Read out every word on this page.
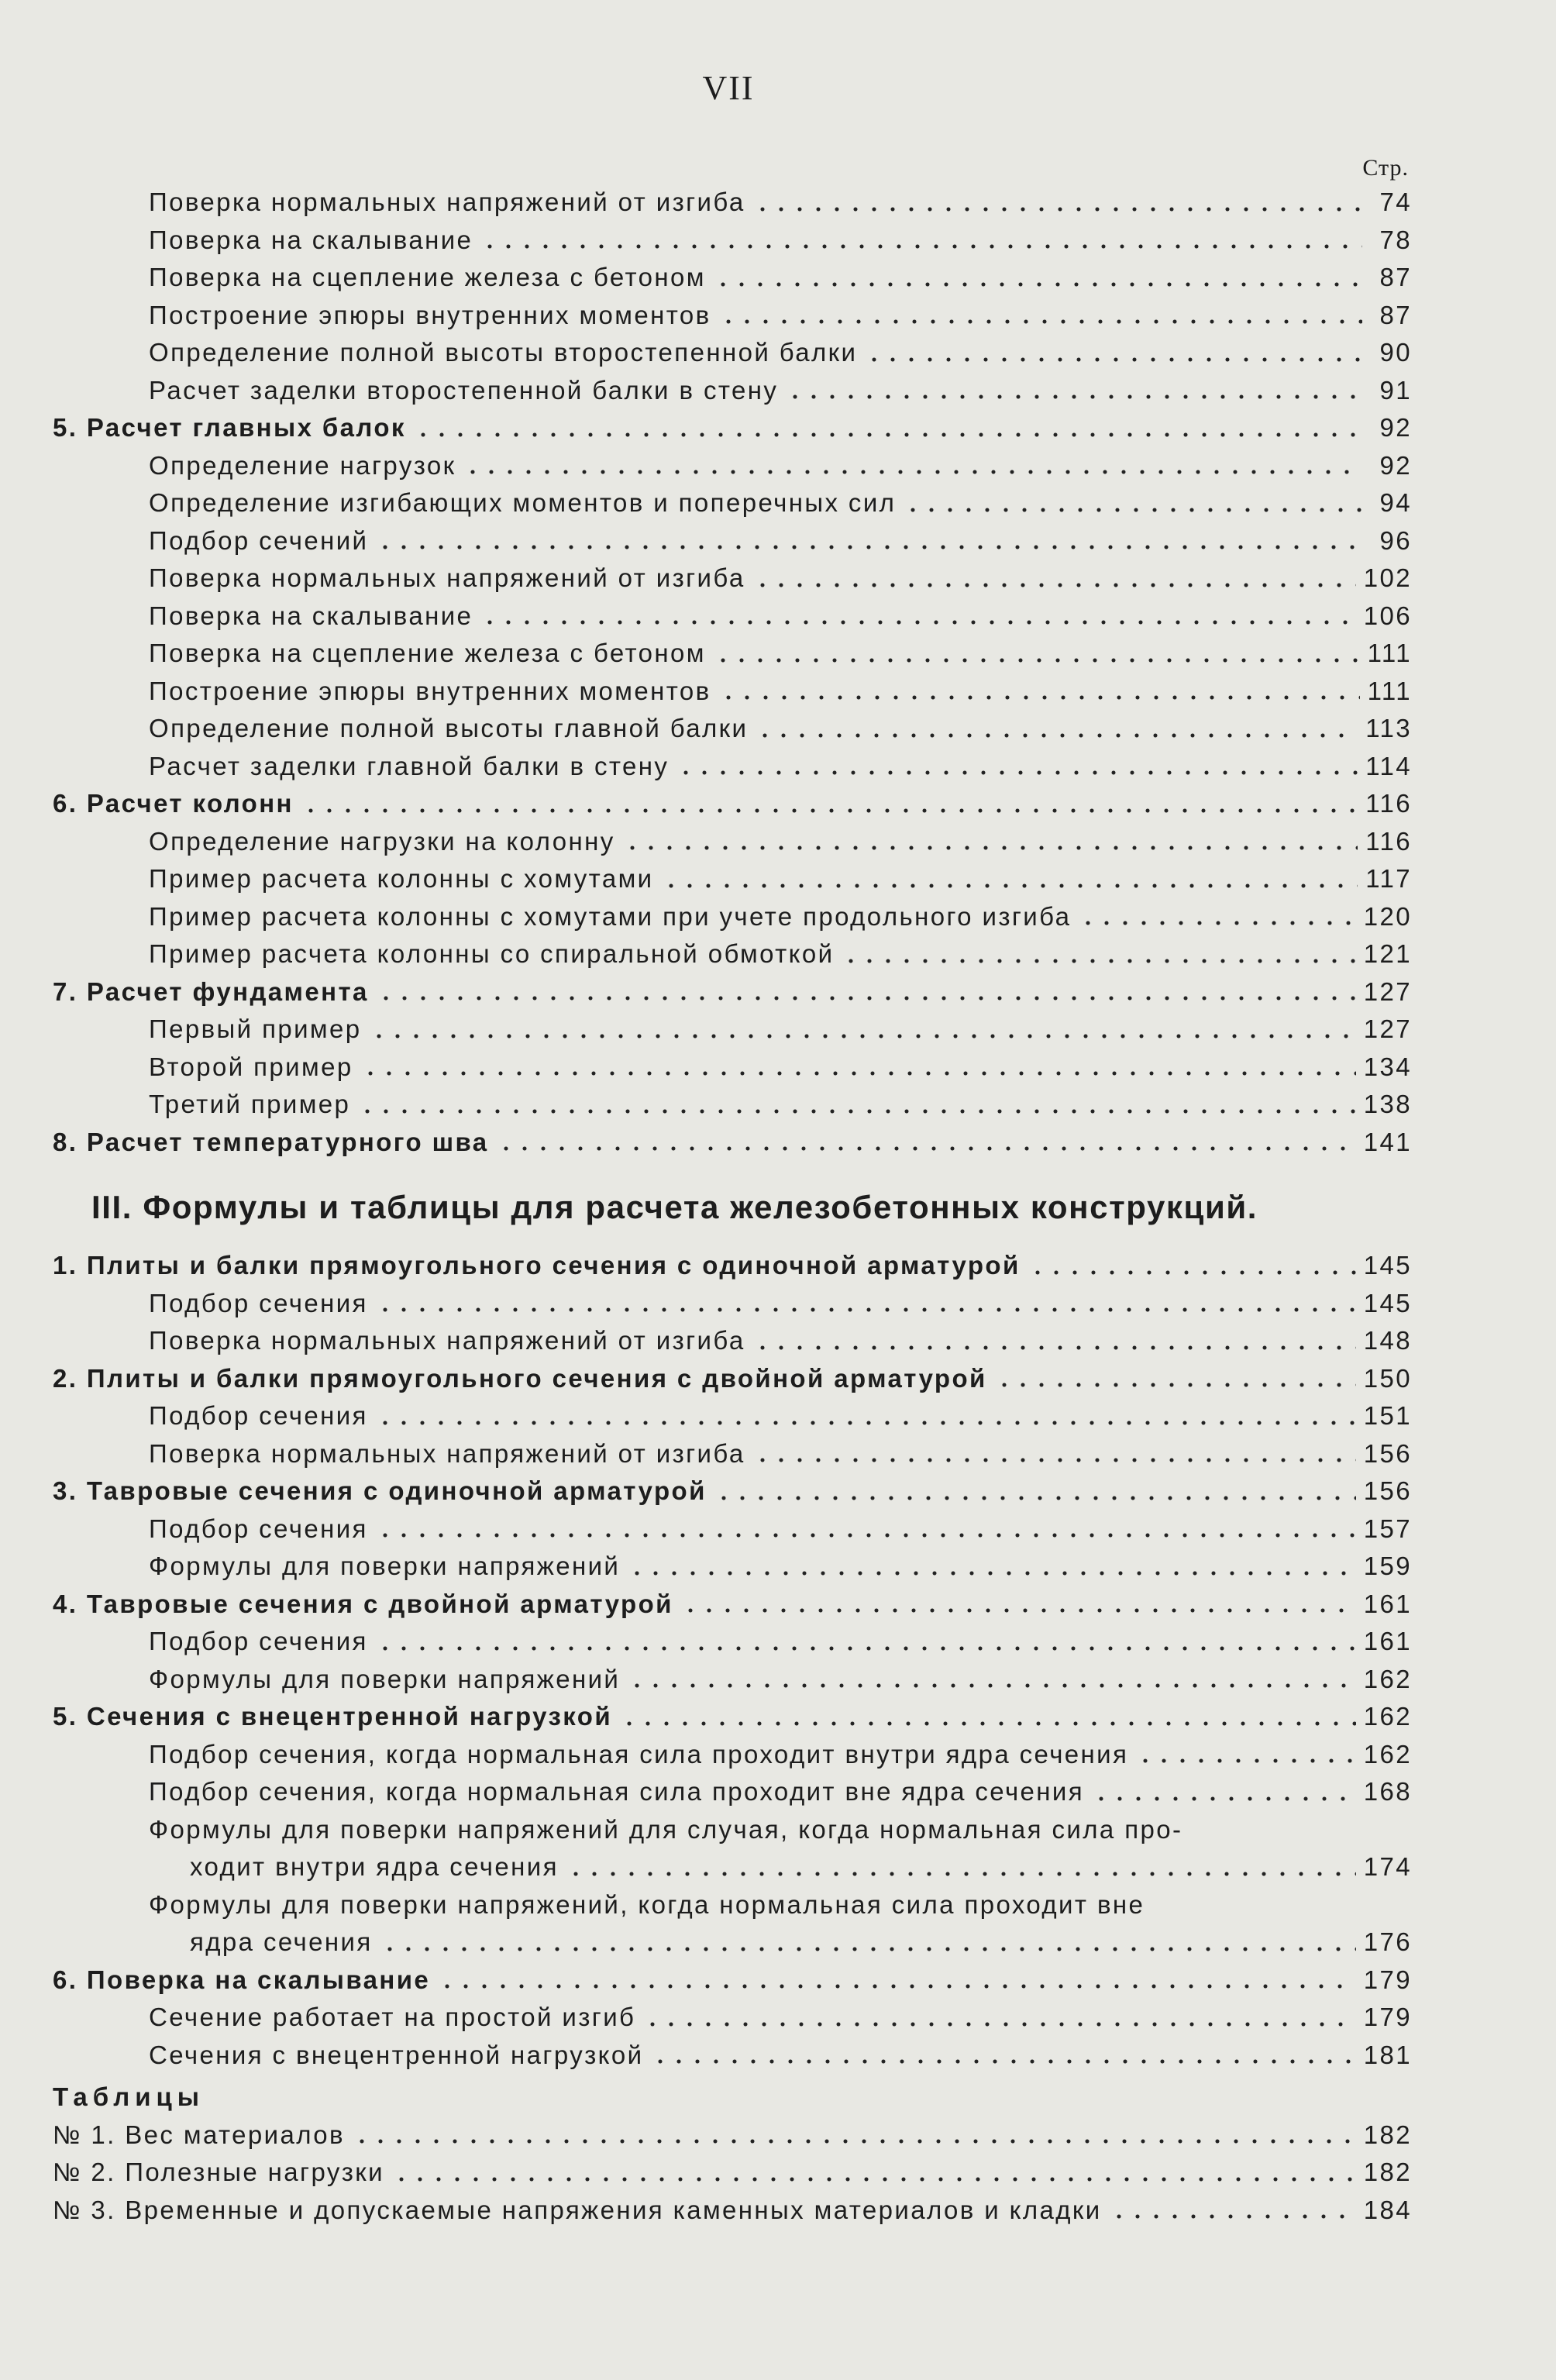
VII
Стр.
Поверка нормальных напряжений от изгиба	74
Поверка на скалывание	78
Поверка на сцепление железа с бетоном	87
Построение эпюры внутренних моментов	87
Определение полной высоты второстепенной балки	90
Расчет заделки второстепенной балки в стену	91
5. Расчет главных балок	92
Определение нагрузок	92
Определение изгибающих моментов и поперечных сил	94
Подбор сечений	96
Поверка нормальных напряжений от изгиба	102
Поверка на скалывание	106
Поверка на сцепление железа с бетоном	111
Построение эпюры внутренних моментов	111
Определение полной высоты главной балки	113
Расчет заделки главной балки в стену	114
6. Расчет колонн	116
Определение нагрузки на колонну	116
Пример расчета колонны с хомутами	117
Пример расчета колонны с хомутами при учете продольного изгиба	120
Пример расчета колонны со спиральной обмоткой	121
7. Расчет фундамента	127
Первый пример	127
Второй пример	134
Третий пример	138
8. Расчет температурного шва	141
III. Формулы и таблицы для расчета железобетонных конструкций.
1. Плиты и балки прямоугольного сечения с одиночной арматурой	145
Подбор сечения	145
Поверка нормальных напряжений от изгиба	148
2. Плиты и балки прямоугольного сечения с двойной арматурой	150
Подбор сечения	151
Поверка нормальных напряжений от изгиба	156
3. Тавровые сечения с одиночной арматурой	156
Подбор сечения	157
Формулы для поверки напряжений	159
4. Тавровые сечения с двойной арматурой	161
Подбор сечения	161
Формулы для поверки напряжений	162
5. Сечения с внецентренной нагрузкой	162
Подбор сечения, когда нормальная сила проходит внутри ядра сечения	162
Подбор сечения, когда нормальная сила проходит вне ядра сечения	168
Формулы для поверки напряжений для случая, когда нормальная сила про-
ходит внутри ядра сечения	174
Формулы для поверки напряжений, когда нормальная сила проходит вне
ядра сечения	176
6. Поверка на скалывание	179
Сечение работает на простой изгиб	179
Сечения с внецентренной нагрузкой	181
Таблицы
№ 1. Вес материалов	182
№ 2. Полезные нагрузки	182
№ 3. Временные и допускаемые напряжения каменных материалов и кладки	184
